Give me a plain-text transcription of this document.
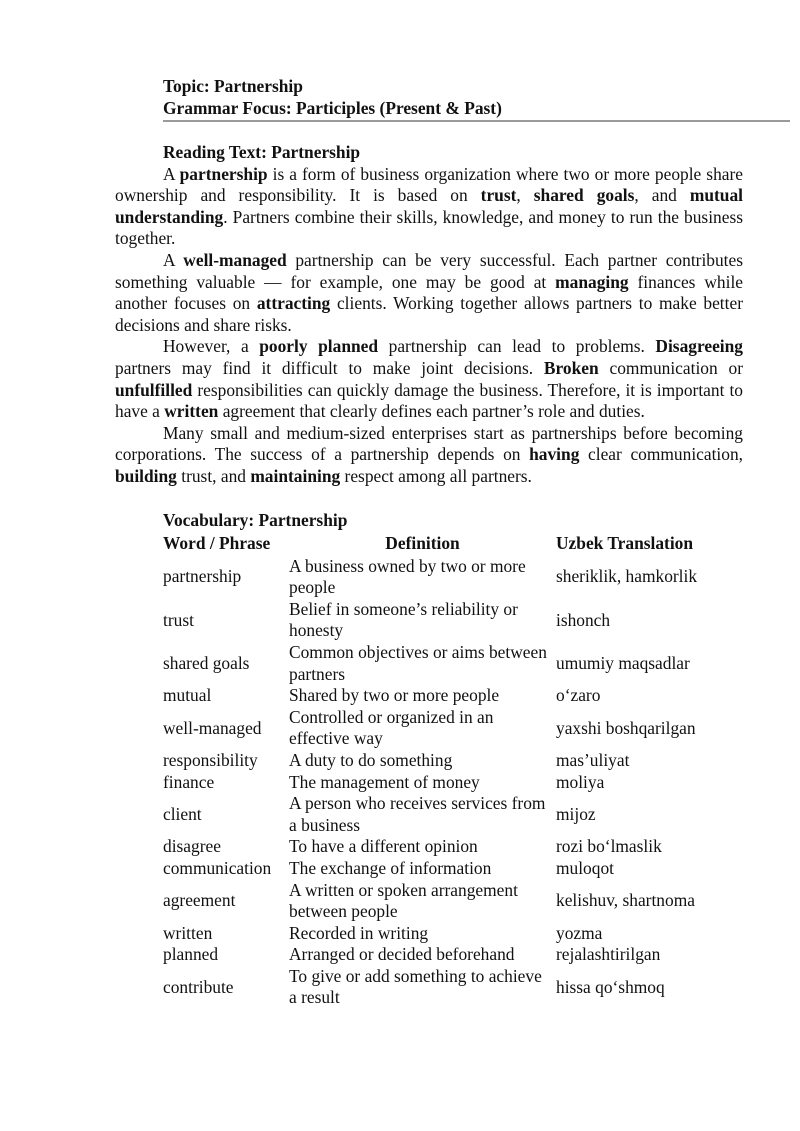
Topic: Partnership
Grammar Focus: Participles (Present & Past)
Reading Text: Partnership

A partnership is a form of business organization where two or more people share ownership and responsibility. It is based on trust, shared goals, and mutual understanding. Partners combine their skills, knowledge, and money to run the business together.

A well-managed partnership can be very successful. Each partner contributes something valuable — for example, one may be good at managing finances while another focuses on attracting clients. Working together allows partners to make better decisions and share risks.

However, a poorly planned partnership can lead to problems. Disagreeing partners may find it difficult to make joint decisions. Broken communication or unfulfilled responsibilities can quickly damage the business. Therefore, it is important to have a written agreement that clearly defines each partner’s role and duties.

Many small and medium-sized enterprises start as partnerships before becoming corporations. The success of a partnership depends on having clear communication, building trust, and maintaining respect among all partners.

Vocabulary: Partnership
Word / Phrase	Definition	Uzbek Translation
partnership	A business owned by two or more people	sheriklik, hamkorlik
trust	Belief in someone’s reliability or honesty	ishonch
shared goals	Common objectives or aims between partners	umumiy maqsadlar
mutual	Shared by two or more people	o‘zaro
well-managed	Controlled or organized in an effective way	yaxshi boshqarilgan
responsibility	A duty to do something	mas’uliyat
finance	The management of money	moliya
client	A person who receives services from a business	mijoz
disagree	To have a different opinion	rozi bo‘lmaslik
communication	The exchange of information	muloqot
agreement	A written or spoken arrangement between people	kelishuv, shartnoma
written	Recorded in writing	yozma
planned	Arranged or decided beforehand	rejalashtirilgan
contribute	To give or add something to achieve a result	hissa qo‘shmoq
